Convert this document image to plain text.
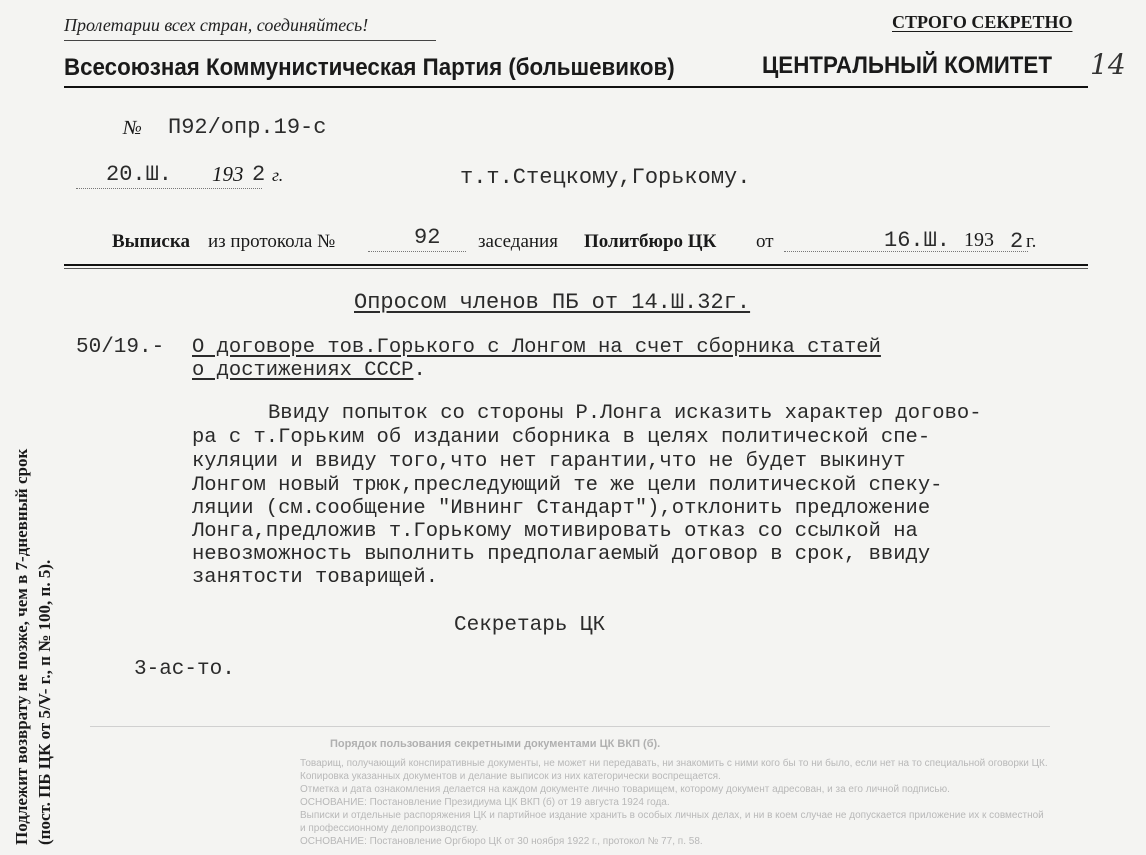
Пролетарии всех стран, соединяйтесь!	СТРОГО СЕКРЕТНО
Всесоюзная Коммунистическая Партия (большевиков)	ЦЕНТРАЛЬНЫЙ КОМИТЕТ 14
№ П92/опр.19-с
20.Ш. 193 2 г.	т.т.Стецкому,Горькому.
Выписка из протокола №	92 заседания Политбюро ЦК от	16.Ш. 193 2 г.
Опросом членов ПБ от 14.Ш.32г.
50/19.- О договоре тов.Горького с Лонгом на счет сборника статей
о достижениях СССР.
Ввиду попыток со стороны Р.Лонга исказить характер догово-
ра с т.Горьким об издании сборника в целях политической спе-
куляции и ввиду того,что нет гарантии,что не будет выкинут
Лонгом новый трюк,преследующий те же цели политической спеку-
ляции (см.сообщение "Ивнинг Стандарт"),отклонить предложение
Лонга,предложив т.Горькому мотивировать отказ со ссылкой на
невозможность выполнить предполагаемый договор в срок, ввиду
занятости товарищей.
Секретарь ЦК
3-ас-то.
Подлежит возврату не позже, чем в 7-дневный срок (пост. ПБ ЦК от 5/V- г., п № 100, п. 5).	Порядок пользования секретными документами ЦК ВКП (б).
Товарищ, получающий конспиративные документы, не может ни передавать, ни знакомить с ними кого бы то ни было, если нет на то специальной оговорки ЦК.
Копировка указанных документов и делание выписок из них категорически воспрещается.
Отметка и дата ознакомления делается на каждом документе лично товарищем, которому документ адресован, и за его личной подписью.
ОСНОВАНИЕ: Постановление Президиума ЦК ВКП (б) от 19 августа 1924 года.
Выписки и отдельные распоряжения ЦК и партийное издание хранить в особых личных делах, и ни в коем случае не допускается приложение их к совместной
и профессионному делопроизводству.
ОСНОВАНИЕ: Постановление Оргбюро ЦК от 30 ноября 1922 г., протокол № 77, п. 58.
